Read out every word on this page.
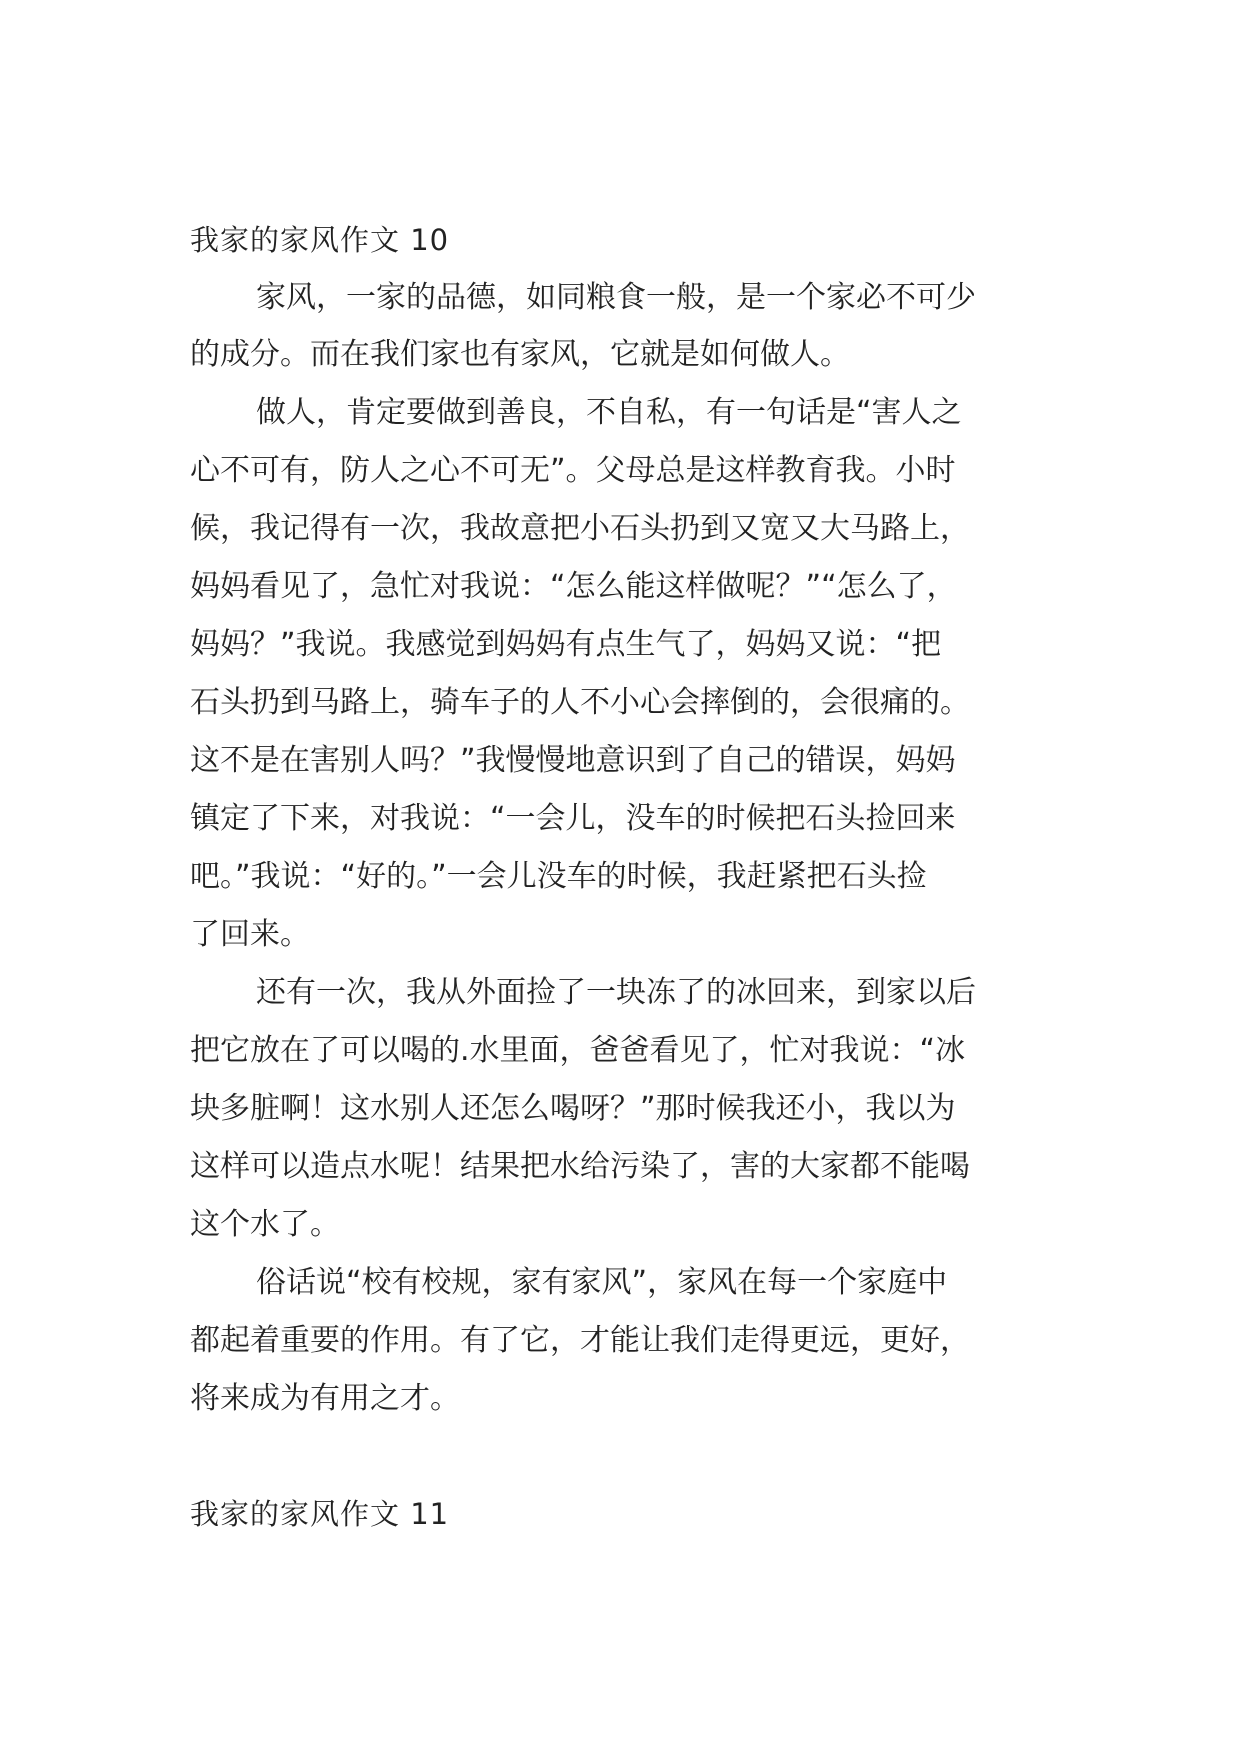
我家的家风作文 10

家风，一家的品德，如同粮食一般，是一个家必不可少

的成分。而在我们家也有家风，它就是如何做人。

做人，肯定要做到善良，不自私，有一句话是“害人之

心不可有，防人之心不可无”。父母总是这样教育我。小时

候，我记得有一次，我故意把小石头扔到又宽又大马路上，

妈妈看见了，急忙对我说：“怎么能这样做呢？”“怎么了，

妈妈？”我说。我感觉到妈妈有点生气了，妈妈又说：“把

石头扔到马路上，骑车子的人不小心会摔倒的，会很痛的。

这不是在害别人吗？”我慢慢地意识到了自己的错误，妈妈

镇定了下来，对我说：“一会儿，没车的时候把石头捡回来

吧。”我说：“好的。”一会儿没车的时候，我赶紧把石头捡

了回来。

还有一次，我从外面捡了一块冻了的冰回来，到家以后

把它放在了可以喝的.水里面，爸爸看见了，忙对我说：“冰

块多脏啊！这水别人还怎么喝呀？”那时候我还小，我以为

这样可以造点水呢！结果把水给污染了，害的大家都不能喝

这个水了。

俗话说“校有校规，家有家风”，家风在每一个家庭中

都起着重要的作用。有了它，才能让我们走得更远，更好，

将来成为有用之才。

我家的家风作文 11
